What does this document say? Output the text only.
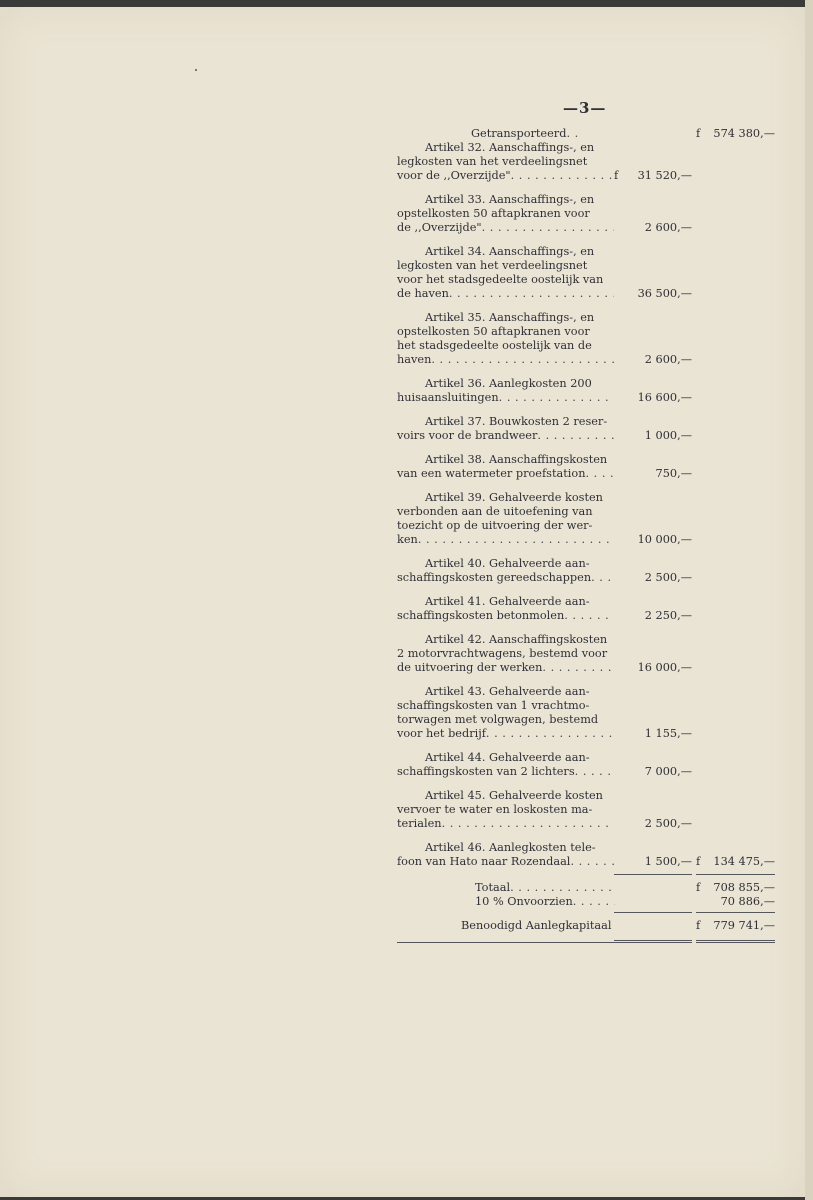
—3—
Getransporteerd . . .	f 574 380,—
Artikel 32. Aanschaffings-, en
legkosten van het verdeelingsnet
voor de ,,Overzijde" . . .	f 31 520,—
Artikel 33. Aanschaffings-, en
opstelkosten 50 aftapkranen voor
de ,,Overzijde" . . .	2 600,—
Artikel 34. Aanschaffings-, en
legkosten van het verdeelingsnet
voor het stadsgedeelte oostelijk van
de haven . . .	36 500,—
Artikel 35. Aanschaffings-, en
opstelkosten 50 aftapkranen voor
het stadsgedeelte oostelijk van de
haven . . .	2 600,—
Artikel 36. Aanlegkosten 200
huisaansluitingen . . .	16 600,—
Artikel 37. Bouwkosten 2 reser-
voirs voor de brandweer . . .	1 000,—
Artikel 38. Aanschaffingskosten
van een watermeter proefstation . . .	750,—
Artikel 39. Gehalveerde kosten
verbonden aan de uitoefening van
toezicht op de uitvoering der wer-
ken . . .	10 000,—
Artikel 40. Gehalveerde aan-
schaffingskosten gereedschappen . . .	2 500,—
Artikel 41. Gehalveerde aan-
schaffingskosten betonmolen . . .	2 250,—
Artikel 42. Aanschaffingskosten
2 motorvrachtwagens, bestemd voor
de uitvoering der werken . . .	16 000,—
Artikel 43. Gehalveerde aan-
schaffingskosten van 1 vrachtmo-
torwagen met volgwagen, bestemd
voor het bedrijf . . .	1 155,—
Artikel 44. Gehalveerde aan-
schaffingskosten van 2 lichters . . .	7 000,—
Artikel 45. Gehalveerde kosten
vervoer te water en loskosten ma-
terialen . . .	2 500,—
Artikel 46. Aanlegkosten tele-
foon van Hato naar Rozendaal . . .	1 500,— f 134 475,—
Totaal . . .	f 708 855,—
10 % Onvoorzien . . .	70 886,—
Benoodigd Aanlegkapitaal	f 779 741,—
